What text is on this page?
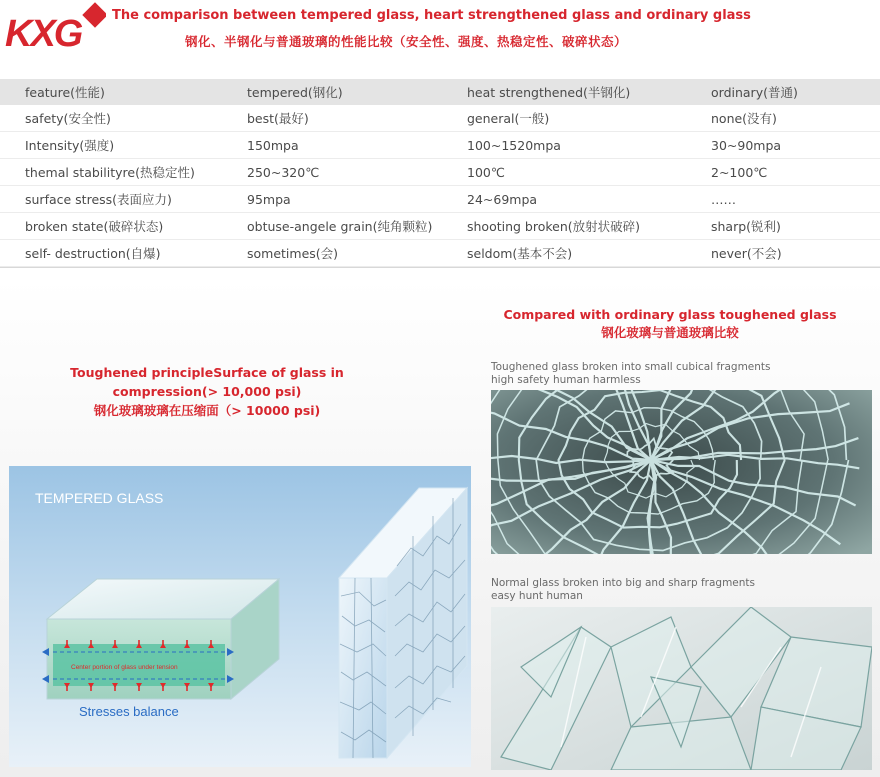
KXG The comparison between tempered glass, heart strengthened glass and ordinary glass
钢化、半钢化与普通玻璃的性能比较（安全性、强度、热稳定性、破碎状态）
feature(性能)	tempered(钢化)	heat strengthened(半钢化)	ordinary(普通)
safety(安全性)	best(最好)	general(一般)	none(没有)
Intensity(强度)	150mpa	100~1520mpa	30~90mpa
themal stabilityre(热稳定性)	250~320℃	100℃	2~100℃
surface stress(表面应力)	95mpa	24~69mpa	……
broken state(破碎状态)	obtuse-angele grain(纯角颗粒)	shooting broken(放射状破碎)	sharp(锐利)
self- destruction(自爆)	sometimes(会)	seldom(基本不会)	never(不会)
Toughened principleSurface of glass in
compression(> 10,000 psi)
钢化玻璃玻璃在压缩面（> 10000 psi)
TEMPERED GLASS
Center portion of glass under tension
Stresses balance
Compared with ordinary glass toughened glass
钢化玻璃与普通玻璃比较
Toughened glass broken into small cubical fragments
high safety human harmless
Normal glass broken into big and sharp fragments
easy hunt human
